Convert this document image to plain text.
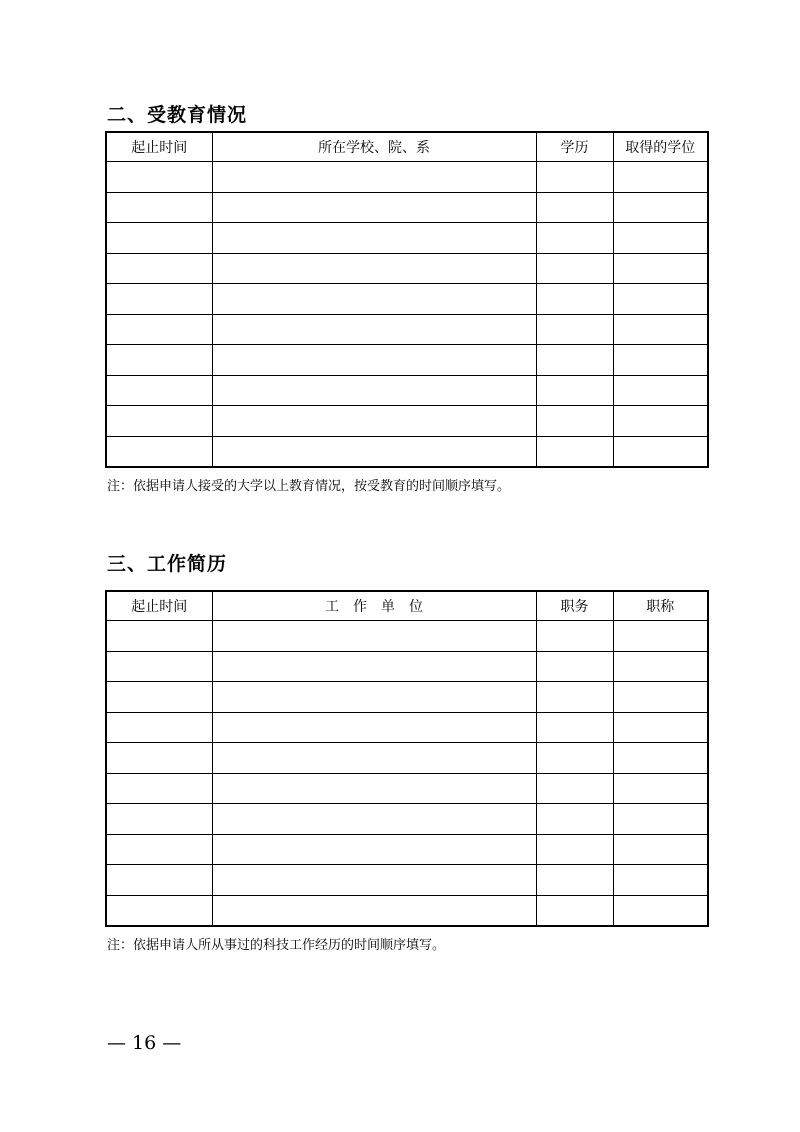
二、受教育情况
起止时间	所在学校、院、系	学历	取得的学位

注：依据申请人接受的大学以上教育情况，按受教育的时间顺序填写。
三、工作简历
起止时间	工　作　单　位	职务	职称

注：依据申请人所从事过的科技工作经历的时间顺序填写。
— 16 —
